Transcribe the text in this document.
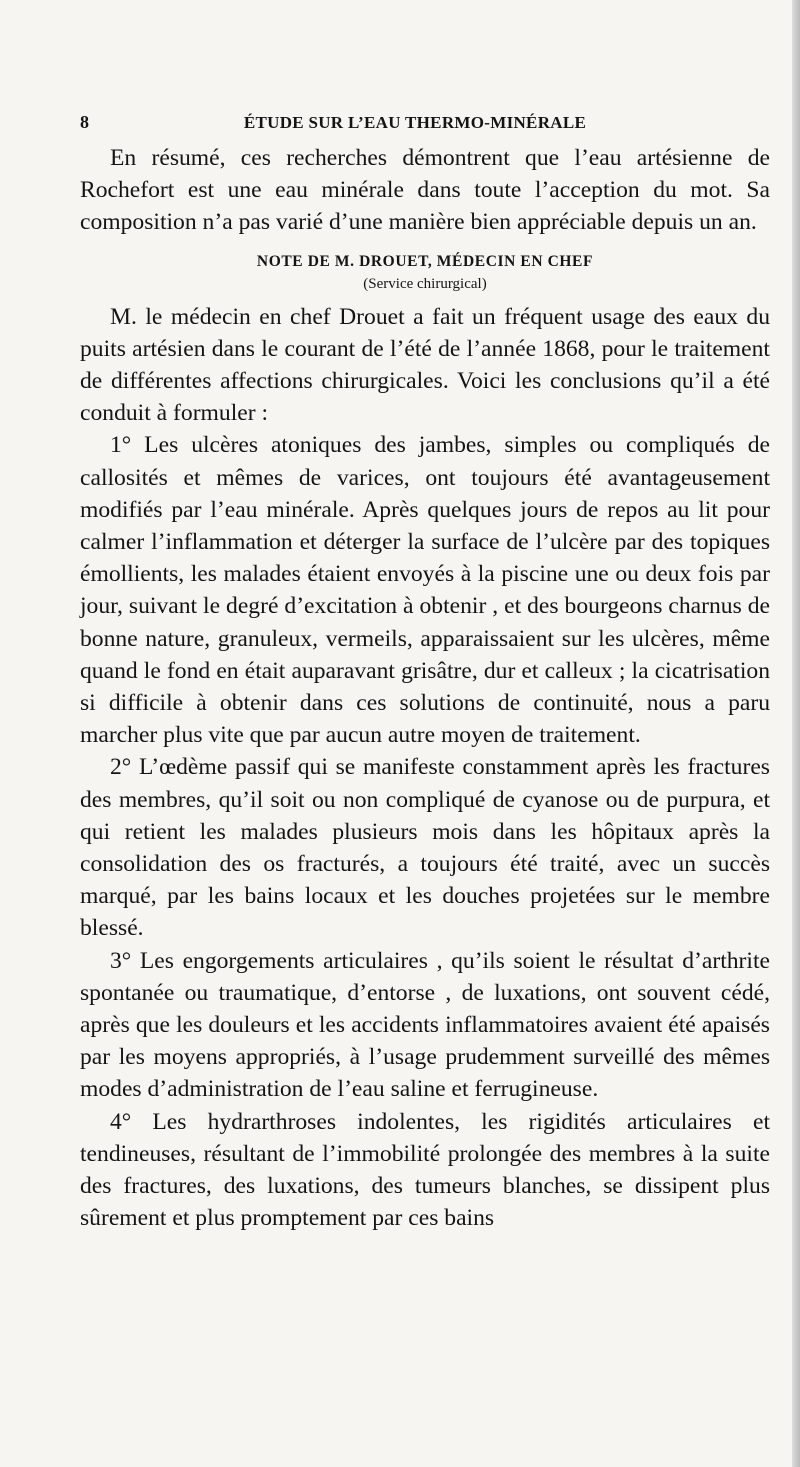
8	ÉTUDE SUR L’EAU THERMO-MINÉRALE

En résumé, ces recherches démontrent que l’eau artésienne de Rochefort est une eau minérale dans toute l’acception du mot. Sa composition n’a pas varié d’une manière bien appréciable depuis un an.

NOTE DE M. DROUET, MÉDECIN EN CHEF
(Service chirurgical)

M. le médecin en chef Drouet a fait un fréquent usage des eaux du puits artésien dans le courant de l’été de l’année 1868, pour le traitement de différentes affections chirurgicales. Voici les conclusions qu’il a été conduit à formuler :

1° Les ulcères atoniques des jambes, simples ou compliqués de callosités et mêmes de varices, ont toujours été avantageusement modifiés par l’eau minérale. Après quelques jours de repos au lit pour calmer l’inflammation et déterger la surface de l’ulcère par des topiques émollients, les malades étaient envoyés à la piscine une ou deux fois par jour, suivant le degré d’excitation à obtenir , et des bourgeons charnus de bonne nature, granuleux, vermeils, apparaissaient sur les ulcères, même quand le fond en était auparavant grisâtre, dur et calleux ; la cicatrisation si difficile à obtenir dans ces solutions de continuité, nous a paru marcher plus vite que par aucun autre moyen de traitement.

2° L’œdème passif qui se manifeste constamment après les fractures des membres, qu’il soit ou non compliqué de cyanose ou de purpura, et qui retient les malades plusieurs mois dans les hôpitaux après la consolidation des os fracturés, a toujours été traité, avec un succès marqué, par les bains locaux et les douches projetées sur le membre blessé.

3° Les engorgements articulaires , qu’ils soient le résultat d’arthrite spontanée ou traumatique, d’entorse , de luxations, ont souvent cédé, après que les douleurs et les accidents inflammatoires avaient été apaisés par les moyens appropriés, à l’usage prudemment surveillé des mêmes modes d’administration de l’eau saline et ferrugineuse.

4° Les hydrarthroses indolentes, les rigidités articulaires et tendineuses, résultant de l’immobilité prolongée des membres à la suite des fractures, des luxations, des tumeurs blanches, se dissipent plus sûrement et plus promptement par ces bains
